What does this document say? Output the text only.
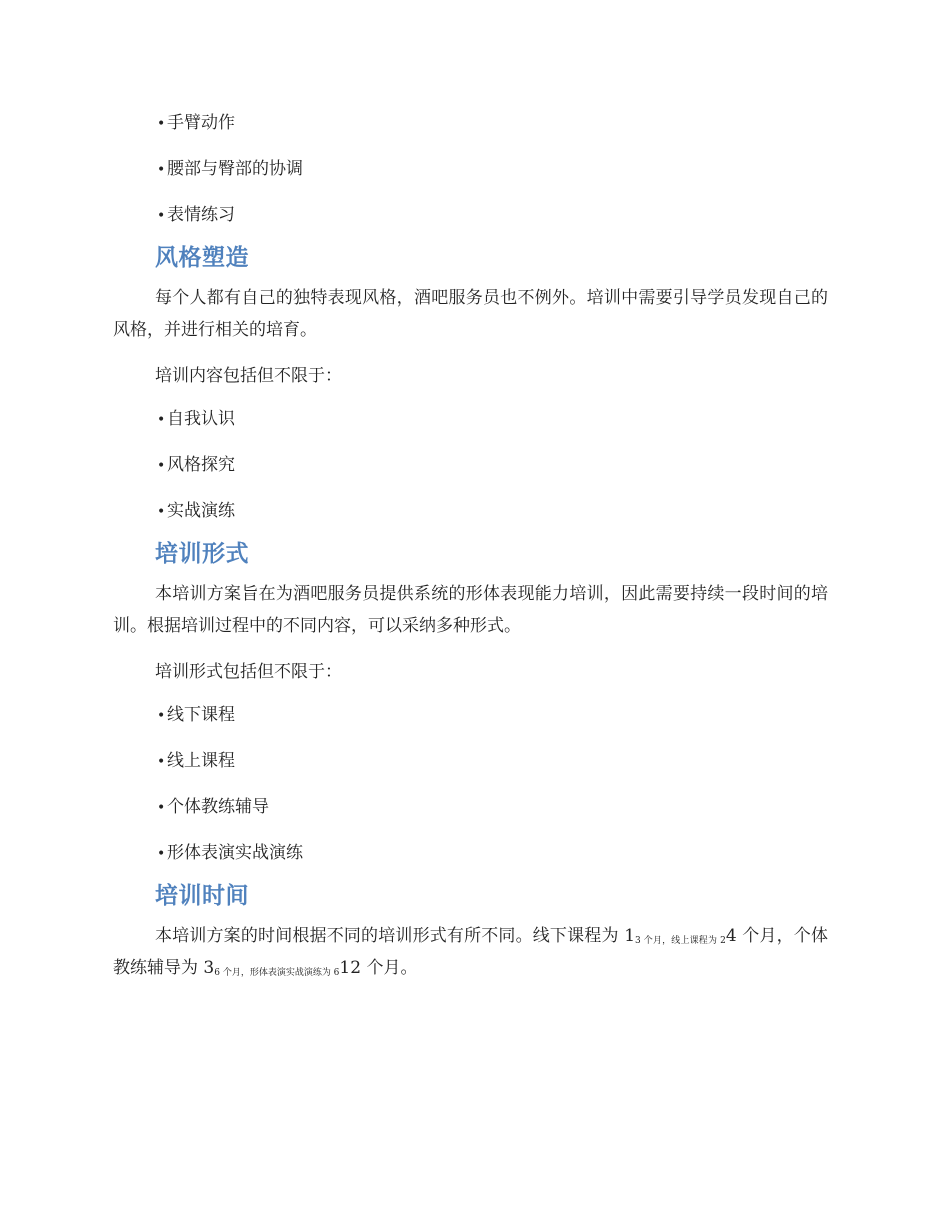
• 手臂动作
• 腰部与臀部的协调
• 表情练习
风格塑造

每个人都有自己的独特表现风格，酒吧服务员也不例外。培训中需要引导学员发现自己的风格，并进行相关的培育。

培训内容包括但不限于：

• 自我认识
• 风格探究
• 实战演练
培训形式

本培训方案旨在为酒吧服务员提供系统的形体表现能力培训，因此需要持续一段时间的培训。根据培训过程中的不同内容，可以采纳多种形式。

培训形式包括但不限于：

• 线下课程
• 线上课程
• 个体教练辅导
• 形体表演实战演练
培训时间

本培训方案的时间根据不同的培训形式有所不同。线下课程为 13 个月，线上课程为 24 个月，个体教练辅导为 36 个月，形体表演实战演练为 612 个月。
